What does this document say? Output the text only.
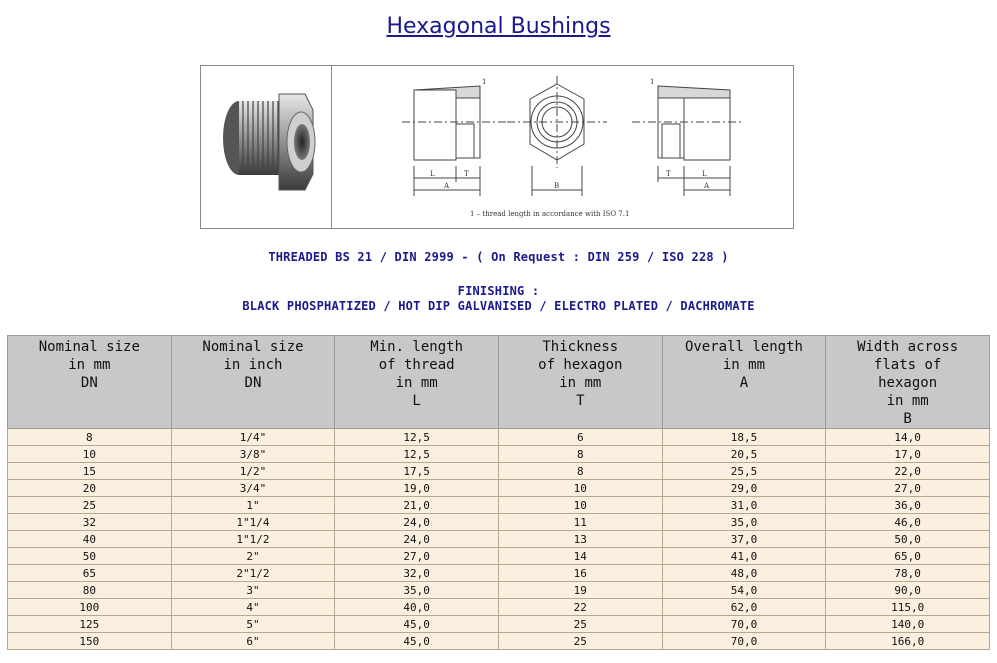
Hexagonal Bushings
L	T
A
1
B
T	L
A
1
1 – thread length in accordance with ISO 7.1
THREADED BS 21 / DIN 2999 - ( On Request : DIN 259 / ISO 228 )
FINISHING :
BLACK PHOSPHATIZED / HOT DIP GALVANISED / ELECTRO PLATED / DACHROMATE
Nominal size
in mm
DN	Nominal size
in inch
DN	Min. length
of thread
in mm
L	Thickness
of hexagon
in mm
T	Overall length
in mm
A	Width across
flats of
hexagon
in mm
B
8	1/4"	12,5	6	18,5	14,0
10	3/8"	12,5	8	20,5	17,0
15	1/2"	17,5	8	25,5	22,0
20	3/4"	19,0	10	29,0	27,0
25	1"	21,0	10	31,0	36,0
32	1"1/4	24,0	11	35,0	46,0
40	1"1/2	24,0	13	37,0	50,0
50	2"	27,0	14	41,0	65,0
65	2"1/2	32,0	16	48,0	78,0
80	3"	35,0	19	54,0	90,0
100	4"	40,0	22	62,0	115,0
125	5"	45,0	25	70,0	140,0
150	6"	45,0	25	70,0	166,0
